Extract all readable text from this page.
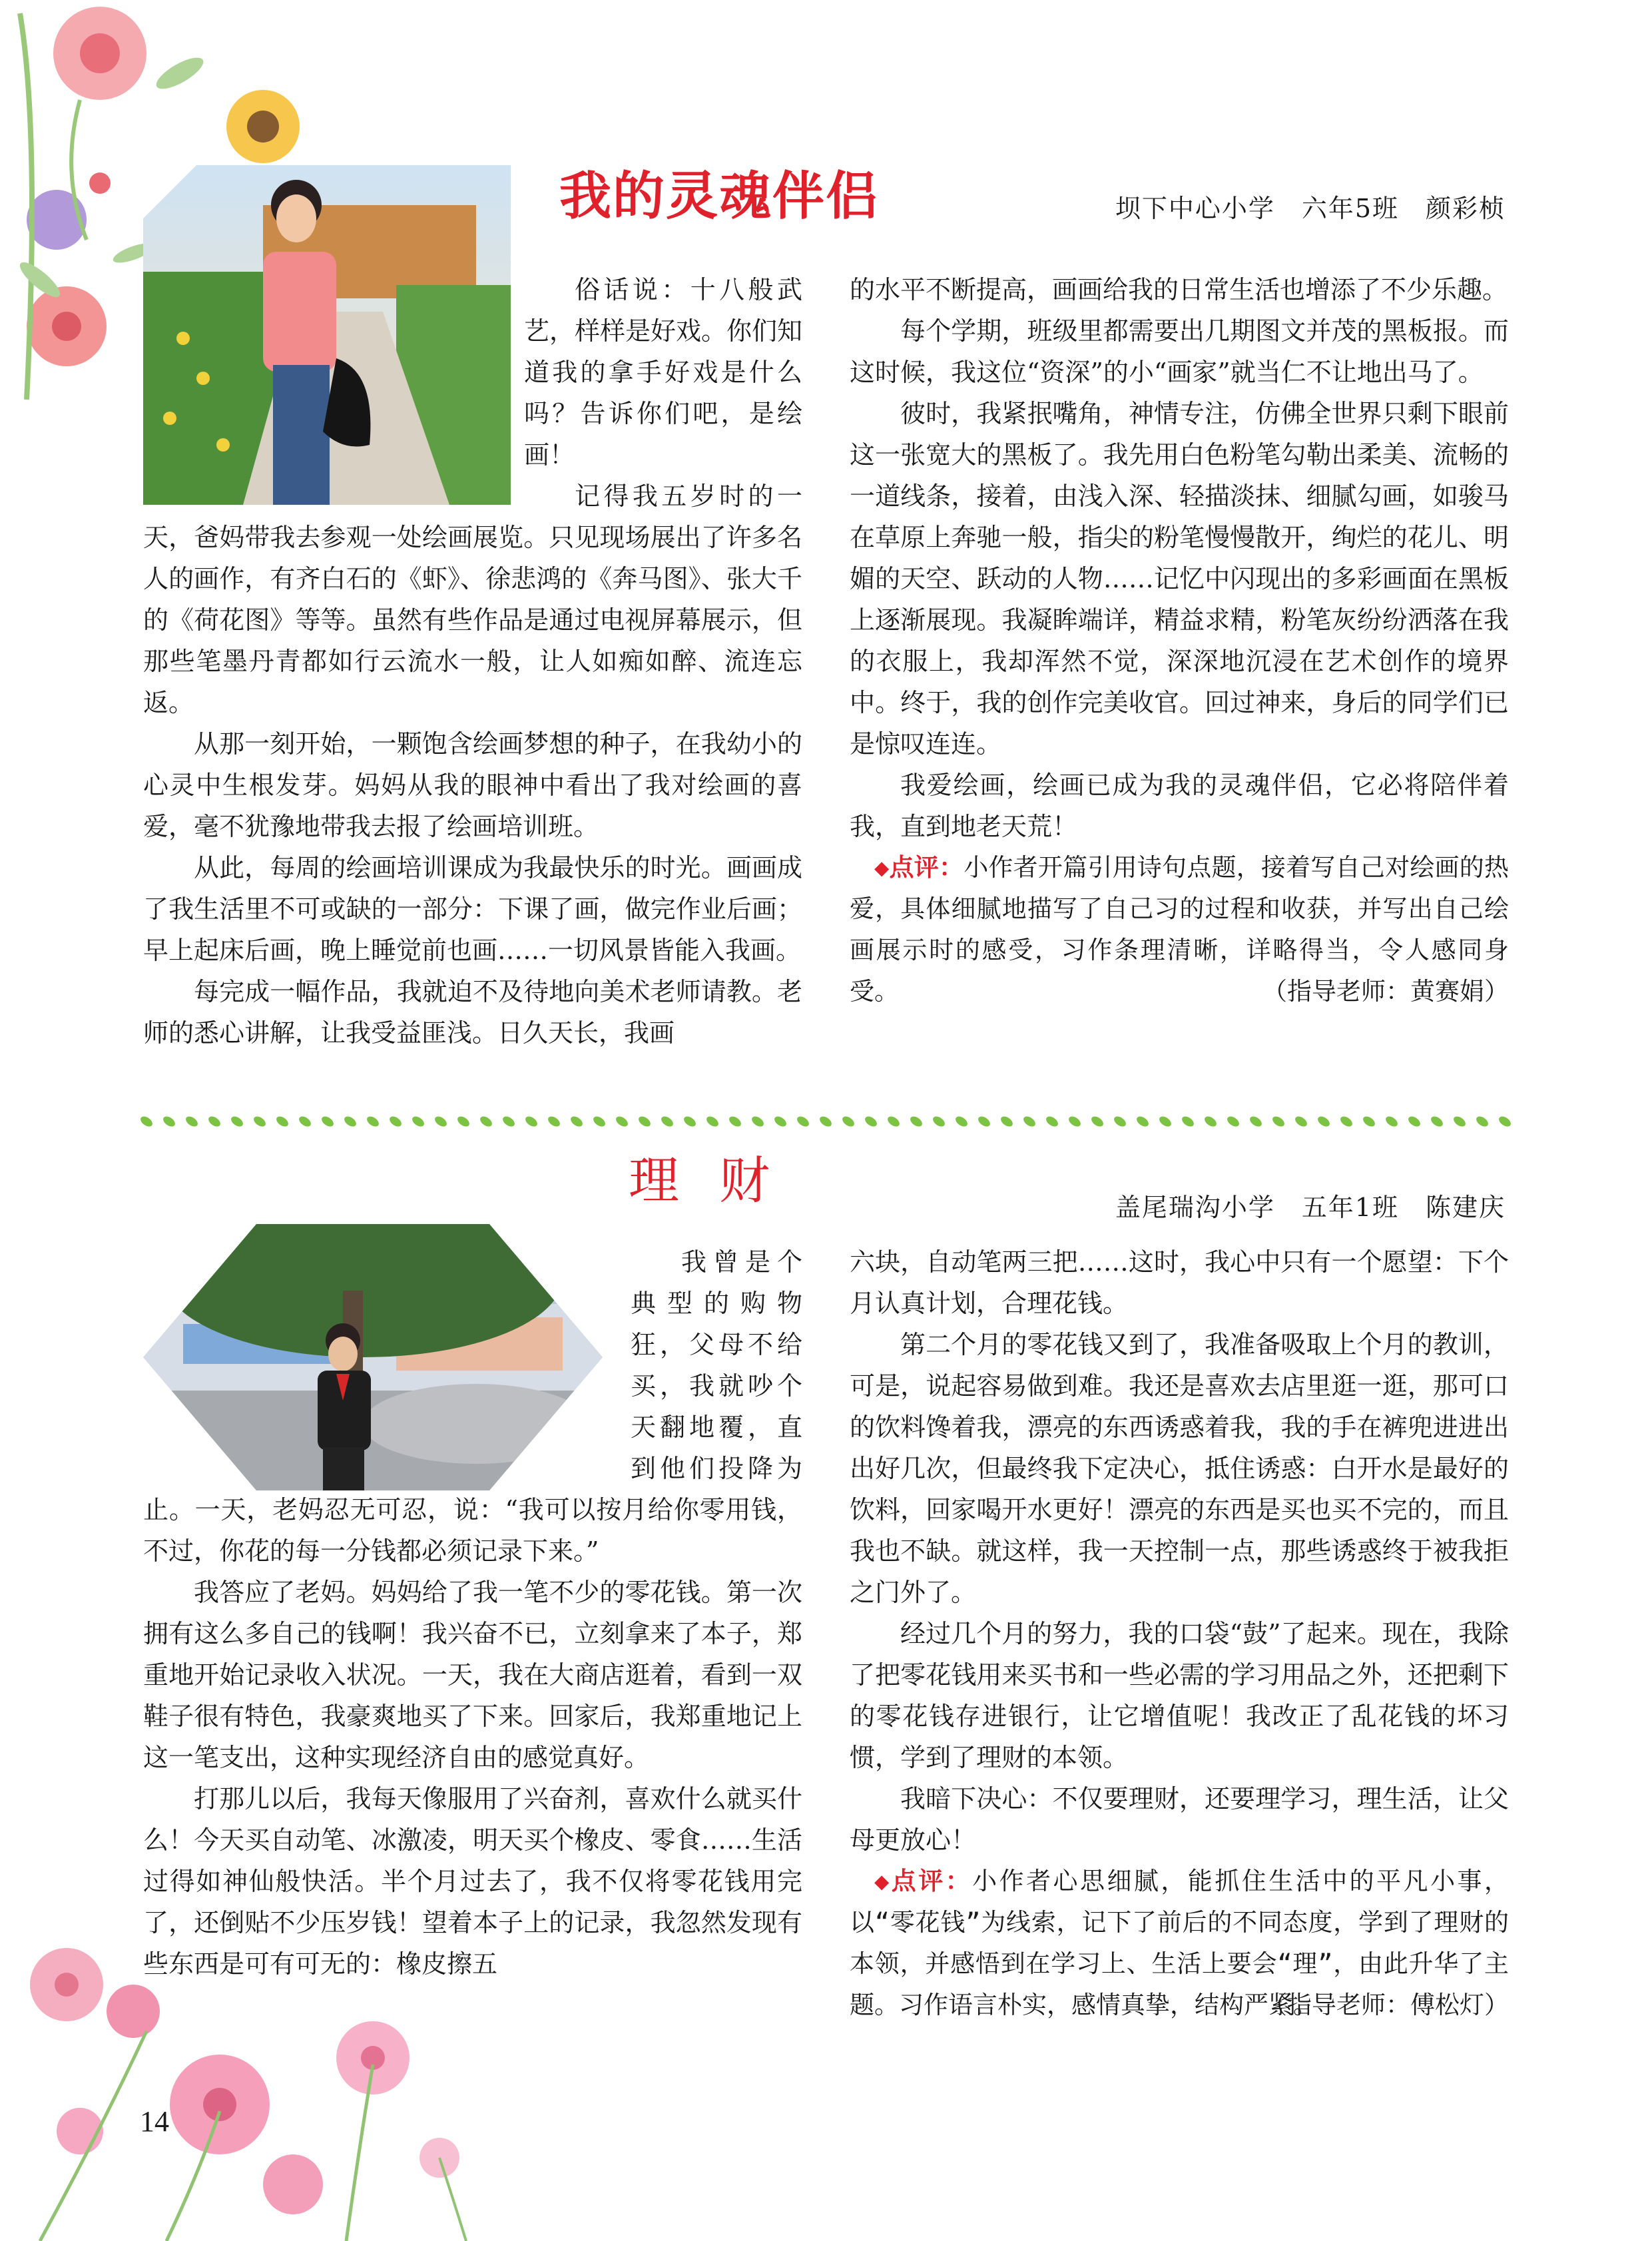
我的灵魂伴侣	坝下中心小学　六年5班　颜彩桢

俗话说：十八般武艺，样样是好戏。你们知道我的拿手好戏是什么吗？告诉你们吧，是绘画！

记得我五岁时的一天，爸妈带我去参观一处绘画展览。只见现场展出了许多名人的画作，有齐白石的《虾》、徐悲鸿的《奔马图》、张大千的《荷花图》等等。虽然有些作品是通过电视屏幕展示，但那些笔墨丹青都如行云流水一般，让人如痴如醉、流连忘返。

从那一刻开始，一颗饱含绘画梦想的种子，在我幼小的心灵中生根发芽。妈妈从我的眼神中看出了我对绘画的喜爱，毫不犹豫地带我去报了绘画培训班。

从此，每周的绘画培训课成为我最快乐的时光。画画成了我生活里不可或缺的一部分：下课了画，做完作业后画；早上起床后画，晚上睡觉前也画……一切风景皆能入我画。

每完成一幅作品，我就迫不及待地向美术老师请教。老师的悉心讲解，让我受益匪浅。日久天长，我画

的水平不断提高，画画给我的日常生活也增添了不少乐趣。

每个学期，班级里都需要出几期图文并茂的黑板报。而这时候，我这位“资深”的小“画家”就当仁不让地出马了。

彼时，我紧抿嘴角，神情专注，仿佛全世界只剩下眼前这一张宽大的黑板了。我先用白色粉笔勾勒出柔美、流畅的一道线条，接着，由浅入深、轻描淡抹、细腻勾画，如骏马在草原上奔驰一般，指尖的粉笔慢慢散开，绚烂的花儿、明媚的天空、跃动的人物……记忆中闪现出的多彩画面在黑板上逐渐展现。我凝眸端详，精益求精，粉笔灰纷纷洒落在我的衣服上，我却浑然不觉，深深地沉浸在艺术创作的境界中。终于，我的创作完美收官。回过神来，身后的同学们已是惊叹连连。

我爱绘画，绘画已成为我的灵魂伴侣，它必将陪伴着我，直到地老天荒！

◆点评：小作者开篇引用诗句点题，接着写自己对绘画的热爱，具体细腻地描写了自己习的过程和收获，并写出自己绘画展示时的感受，习作条理清晰，详略得当，令人感同身受。	（指导老师：黄赛娟）

理财	盖尾瑞沟小学　五年1班　陈建庆

我曾是个典型的购物狂，父母不给买，我就吵个天翻地覆，直到他们投降为止。一天，老妈忍无可忍，说：“我可以按月给你零用钱，不过，你花的每一分钱都必须记录下来。”

我答应了老妈。妈妈给了我一笔不少的零花钱。第一次拥有这么多自己的钱啊！我兴奋不已，立刻拿来了本子，郑重地开始记录收入状况。一天，我在大商店逛着，看到一双鞋子很有特色，我豪爽地买了下来。回家后，我郑重地记上这一笔支出，这种实现经济自由的感觉真好。

打那儿以后，我每天像服用了兴奋剂，喜欢什么就买什么！今天买自动笔、冰激凌，明天买个橡皮、零食……生活过得如神仙般快活。半个月过去了，我不仅将零花钱用完了，还倒贴不少压岁钱！望着本子上的记录，我忽然发现有些东西是可有可无的：橡皮擦五

六块，自动笔两三把……这时，我心中只有一个愿望：下个月认真计划，合理花钱。

第二个月的零花钱又到了，我准备吸取上个月的教训，可是，说起容易做到难。我还是喜欢去店里逛一逛，那可口的饮料馋着我，漂亮的东西诱惑着我，我的手在裤兜进进出出好几次，但最终我下定决心，抵住诱惑：白开水是最好的饮料，回家喝开水更好！漂亮的东西是买也买不完的，而且我也不缺。就这样，我一天控制一点，那些诱惑终于被我拒之门外了。

经过几个月的努力，我的口袋“鼓”了起来。现在，我除了把零花钱用来买书和一些必需的学习用品之外，还把剩下的零花钱存进银行，让它增值呢！我改正了乱花钱的坏习惯，学到了理财的本领。

我暗下决心：不仅要理财，还要理学习，理生活，让父母更放心！

◆点评：小作者心思细腻，能抓住生活中的平凡小事，以“零花钱”为线索，记下了前后的不同态度，学到了理财的本领，并感悟到在学习上、生活上要会“理”，由此升华了主题。习作语言朴实，感情真挚，结构严紧。
（指导老师：傅松灯）

14
